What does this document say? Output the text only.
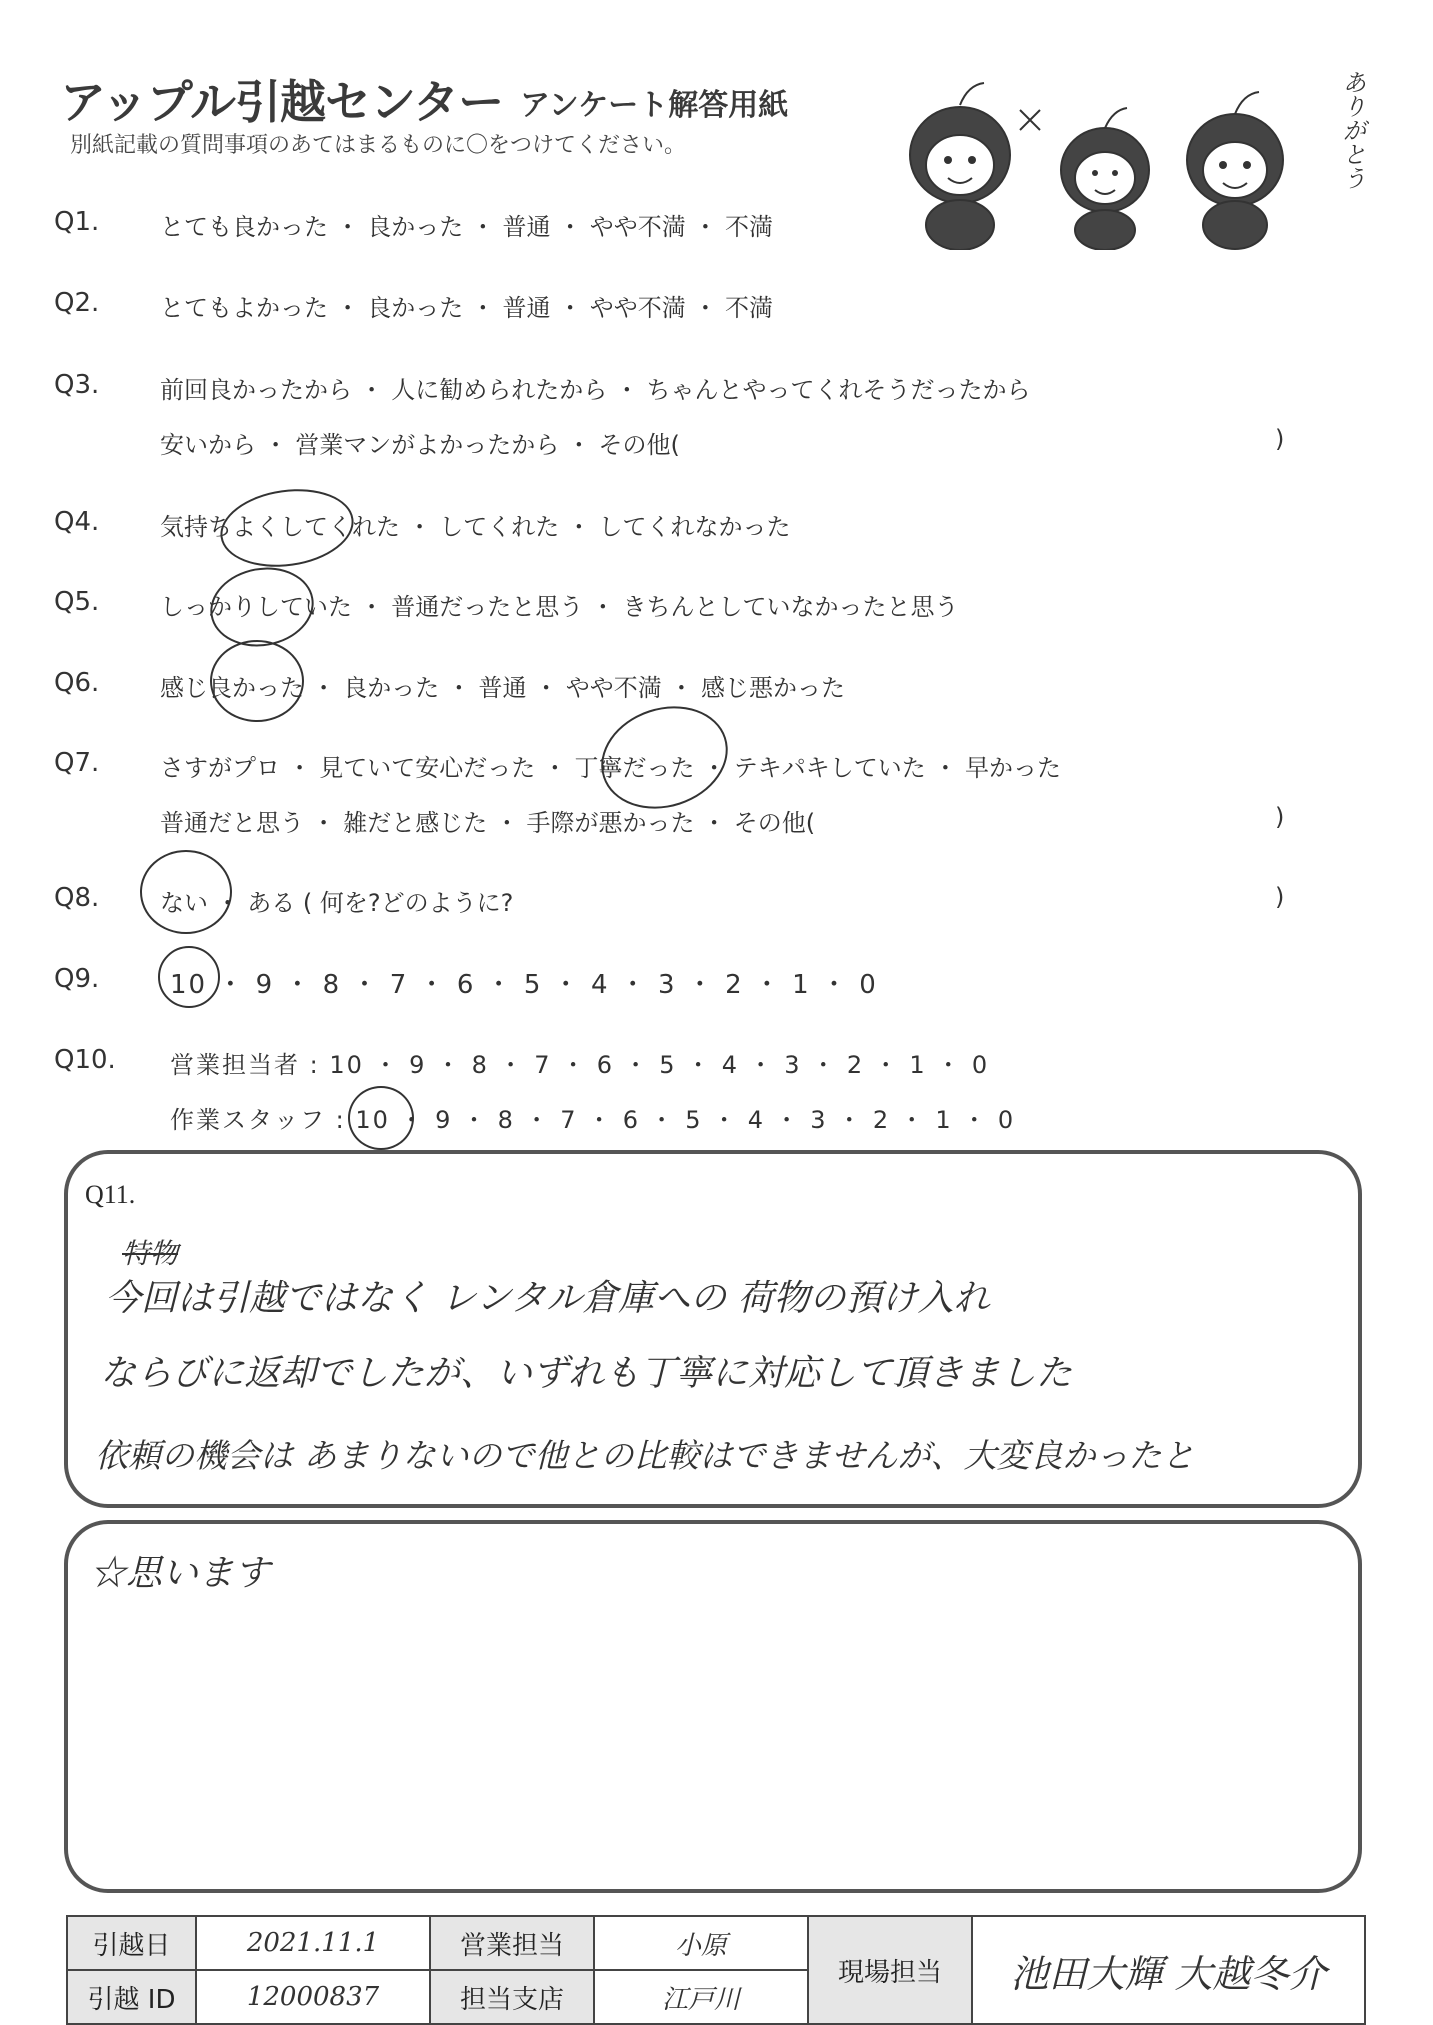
アップル引越センター アンケート解答用紙
別紙記載の質問事項のあてはまるものに〇をつけてください。	ありがとう
Q1.	とても良かった ・ 良かった ・ 普通 ・ やや不満 ・ 不満
Q2.	とてもよかった ・ 良かった ・ 普通 ・ やや不満 ・ 不満
Q3.	前回良かったから ・ 人に勧められたから ・ ちゃんとやってくれそうだったから
安いから ・ 営業マンがよかったから ・ その他(	)
Q4.	気持ちよくしてくれた ・ してくれた ・ してくれなかった
Q5.	しっかりしていた ・ 普通だったと思う ・ きちんとしていなかったと思う
Q6.	感じ良かった ・ 良かった ・ 普通 ・ やや不満 ・ 感じ悪かった
Q7.	さすがプロ ・ 見ていて安心だった ・ 丁寧だった ・ テキパキしていた ・ 早かった
普通だと思う ・ 雑だと感じた ・ 手際が悪かった ・ その他(	)
Q8.	ない ・ ある ( 何を?どのように?	)
Q9.	10 ・ 9 ・ 8 ・ 7 ・ 6 ・ 5 ・ 4 ・ 3 ・ 2 ・ 1 ・ 0
Q10. 営業担当者 : 10 ・ 9 ・ 8 ・ 7 ・ 6 ・ 5 ・ 4 ・ 3 ・ 2 ・ 1 ・ 0
作業スタッフ : 10 ・ 9 ・ 8 ・ 7 ・ 6 ・ 5 ・ 4 ・ 3 ・ 2 ・ 1 ・ 0
Q11.
特物
今回は引越ではなく レンタル倉庫への 荷物の預け入れ
ならびに返却でしたが、いずれも丁寧に対応して頂きました
依頼の機会は あまりないので他との比較はできませんが、大変良かったと
☆思います
引越日	2021.11.1	営業担当	小原	現場担当	池田大輝 大越冬介
引越 ID	12000837	担当支店	江戸川		
